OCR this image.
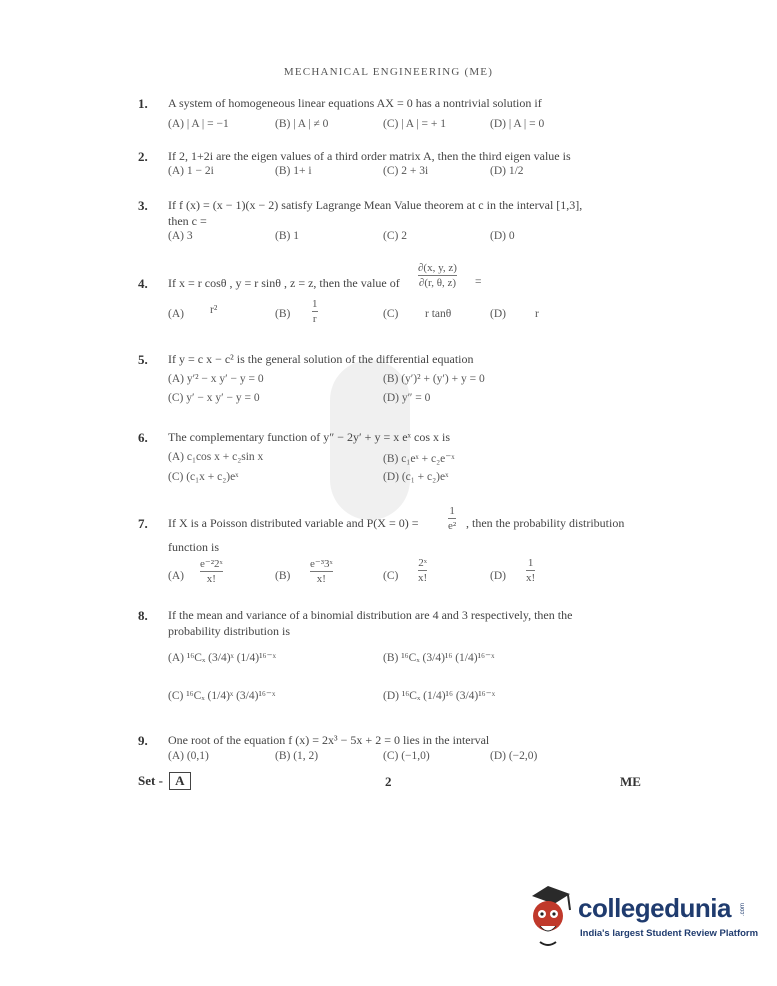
MECHANICAL ENGINEERING (ME)
1. A system of homogeneous linear equations AX = 0 has a nontrivial solution if
(A) | A | = −1	(B) | A | ≠ 0	(C) | A | = + 1	(D) | A | = 0
2. If 2, 1+2i are the eigen values of a third order matrix A, then the third eigen value is
(A) 1 − 2i	(B) 1+ i	(C) 2 + 3i	(D) 1/2
3. If f (x) = (x − 1)(x − 2) satisfy Lagrange Mean Value theorem at c in the interval [1,3],
then c =
(A) 3	(B) 1	(C) 2	(D) 0
4. If x = r cosθ , y = r sinθ , z = z, then the value of
∂(x, y, z)
∂(r, θ, z) =
(A) r²	(B)
1
r	(C) r tanθ	(D)	r
5. If y = c x − c² is the general solution of the differential equation
(A) y′² − x y′ − y = 0	(B) (y′)² + (y′) + y = 0
(C) y′ − x y′ − y = 0	(D) y″ = 0
6. The complementary function of y″ − 2y′ + y = x eˣ cos x is
(A) c₁cos x + c₂sin x	(B) c₁eˣ + c₂e⁻ˣ
(C) (c₁x + c₂)eˣ	(D) (c₁ + c₂)eˣ
7. If X is a Poisson distributed variable and P(X = 0) =
1
e² , then the probability distribution
function is
(A)
e⁻²2ˣ
x!	(B)
e⁻³3ˣ
x!	(C)
2ˣ
x!	(D)
1
x!
8. If the mean and variance of a binomial distribution are 4 and 3 respectively, then the
probability distribution is
(A) ¹⁶Cₓ (3/4)ˣ (1/4)¹⁶⁻ˣ	(B) ¹⁶Cₓ (3/4)¹⁶ (1/4)¹⁶⁻ˣ
(C) ¹⁶Cₓ (1/4)ˣ (3/4)¹⁶⁻ˣ	(D) ¹⁶Cₓ (1/4)¹⁶ (3/4)¹⁶⁻ˣ
9. One root of the equation f (x) = 2x³ − 5x + 2 = 0 lies in the interval
(A) (0,1)	(B) (1, 2)	(C) (−1,0)	(D) (−2,0)
Set - A	2	ME
collegedunia .com
India's largest Student Review Platform
